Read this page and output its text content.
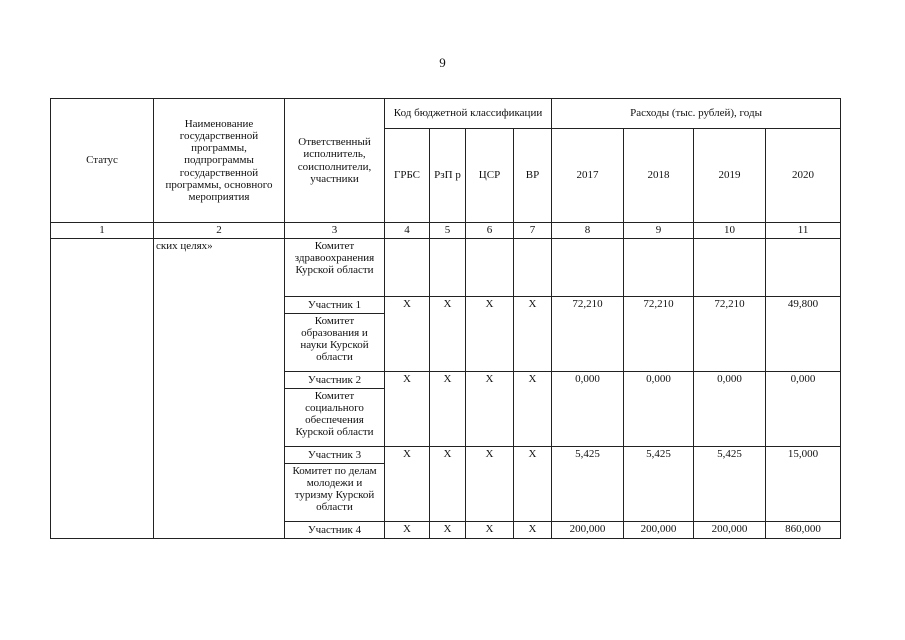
9
Статус	Наименование государственной программы, подпрограммы государственной программы, основного мероприятия	Ответственный исполнитель, соисполнители, участники	Код бюджетной классификации				Расходы (тыс. рублей), годы			
			ГРБС	РзП р	ЦСР	ВР	2017	2018	2019	2020
1	2	3	4	5	6	7	8	9	10	11
	ских целях»	Комитет здравоохранения Курской области								
		Участник 1	X	X	X	X	72,210	72,210	72,210	49,800
		Комитет образования и науки Курской области								
		Участник 2	X	X	X	X	0,000	0,000	0,000	0,000
		Комитет социального обеспечения Курской области								
		Участник 3	X	X	X	X	5,425	5,425	5,425	15,000
		Комитет по делам молодежи и туризму Курской области								
		Участник 4	X	X	X	X	200,000	200,000	200,000	860,000
